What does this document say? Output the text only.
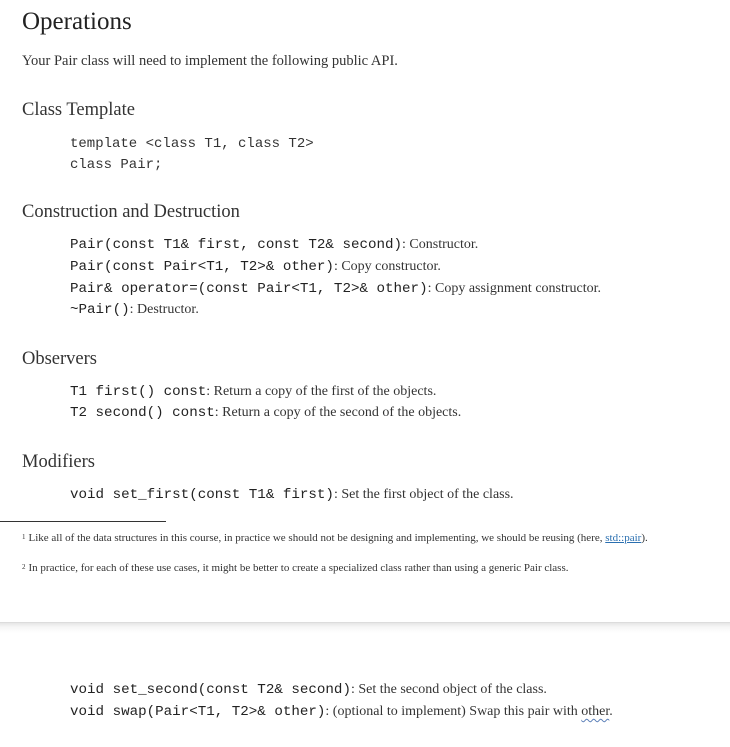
Operations

Your Pair class will need to implement the following public API.

Class Template
template <class T1, class T2>
class Pair;
Construction and Destruction
Pair(const T1& first, const T2& second): Constructor.
Pair(const Pair<T1, T2>& other): Copy constructor.
Pair& operator=(const Pair<T1, T2>& other): Copy assignment constructor.
~Pair(): Destructor.
Observers
T1 first() const: Return a copy of the first of the objects.
T2 second() const: Return a copy of the second of the objects.
Modifiers
void set_first(const T1& first): Set the first object of the class.
$^1$ Like all of the data structures in this course, in practice we should not be designing and implementing, we should be reusing (here, std::pair).
$^2$ In practice, for each of these use cases, it might be better to create a specialized class rather than using a generic Pair class.
void set_second(const T2& second): Set the second object of the class.
void swap(Pair<T1, T2>& other): (optional to implement) Swap this pair with other.
